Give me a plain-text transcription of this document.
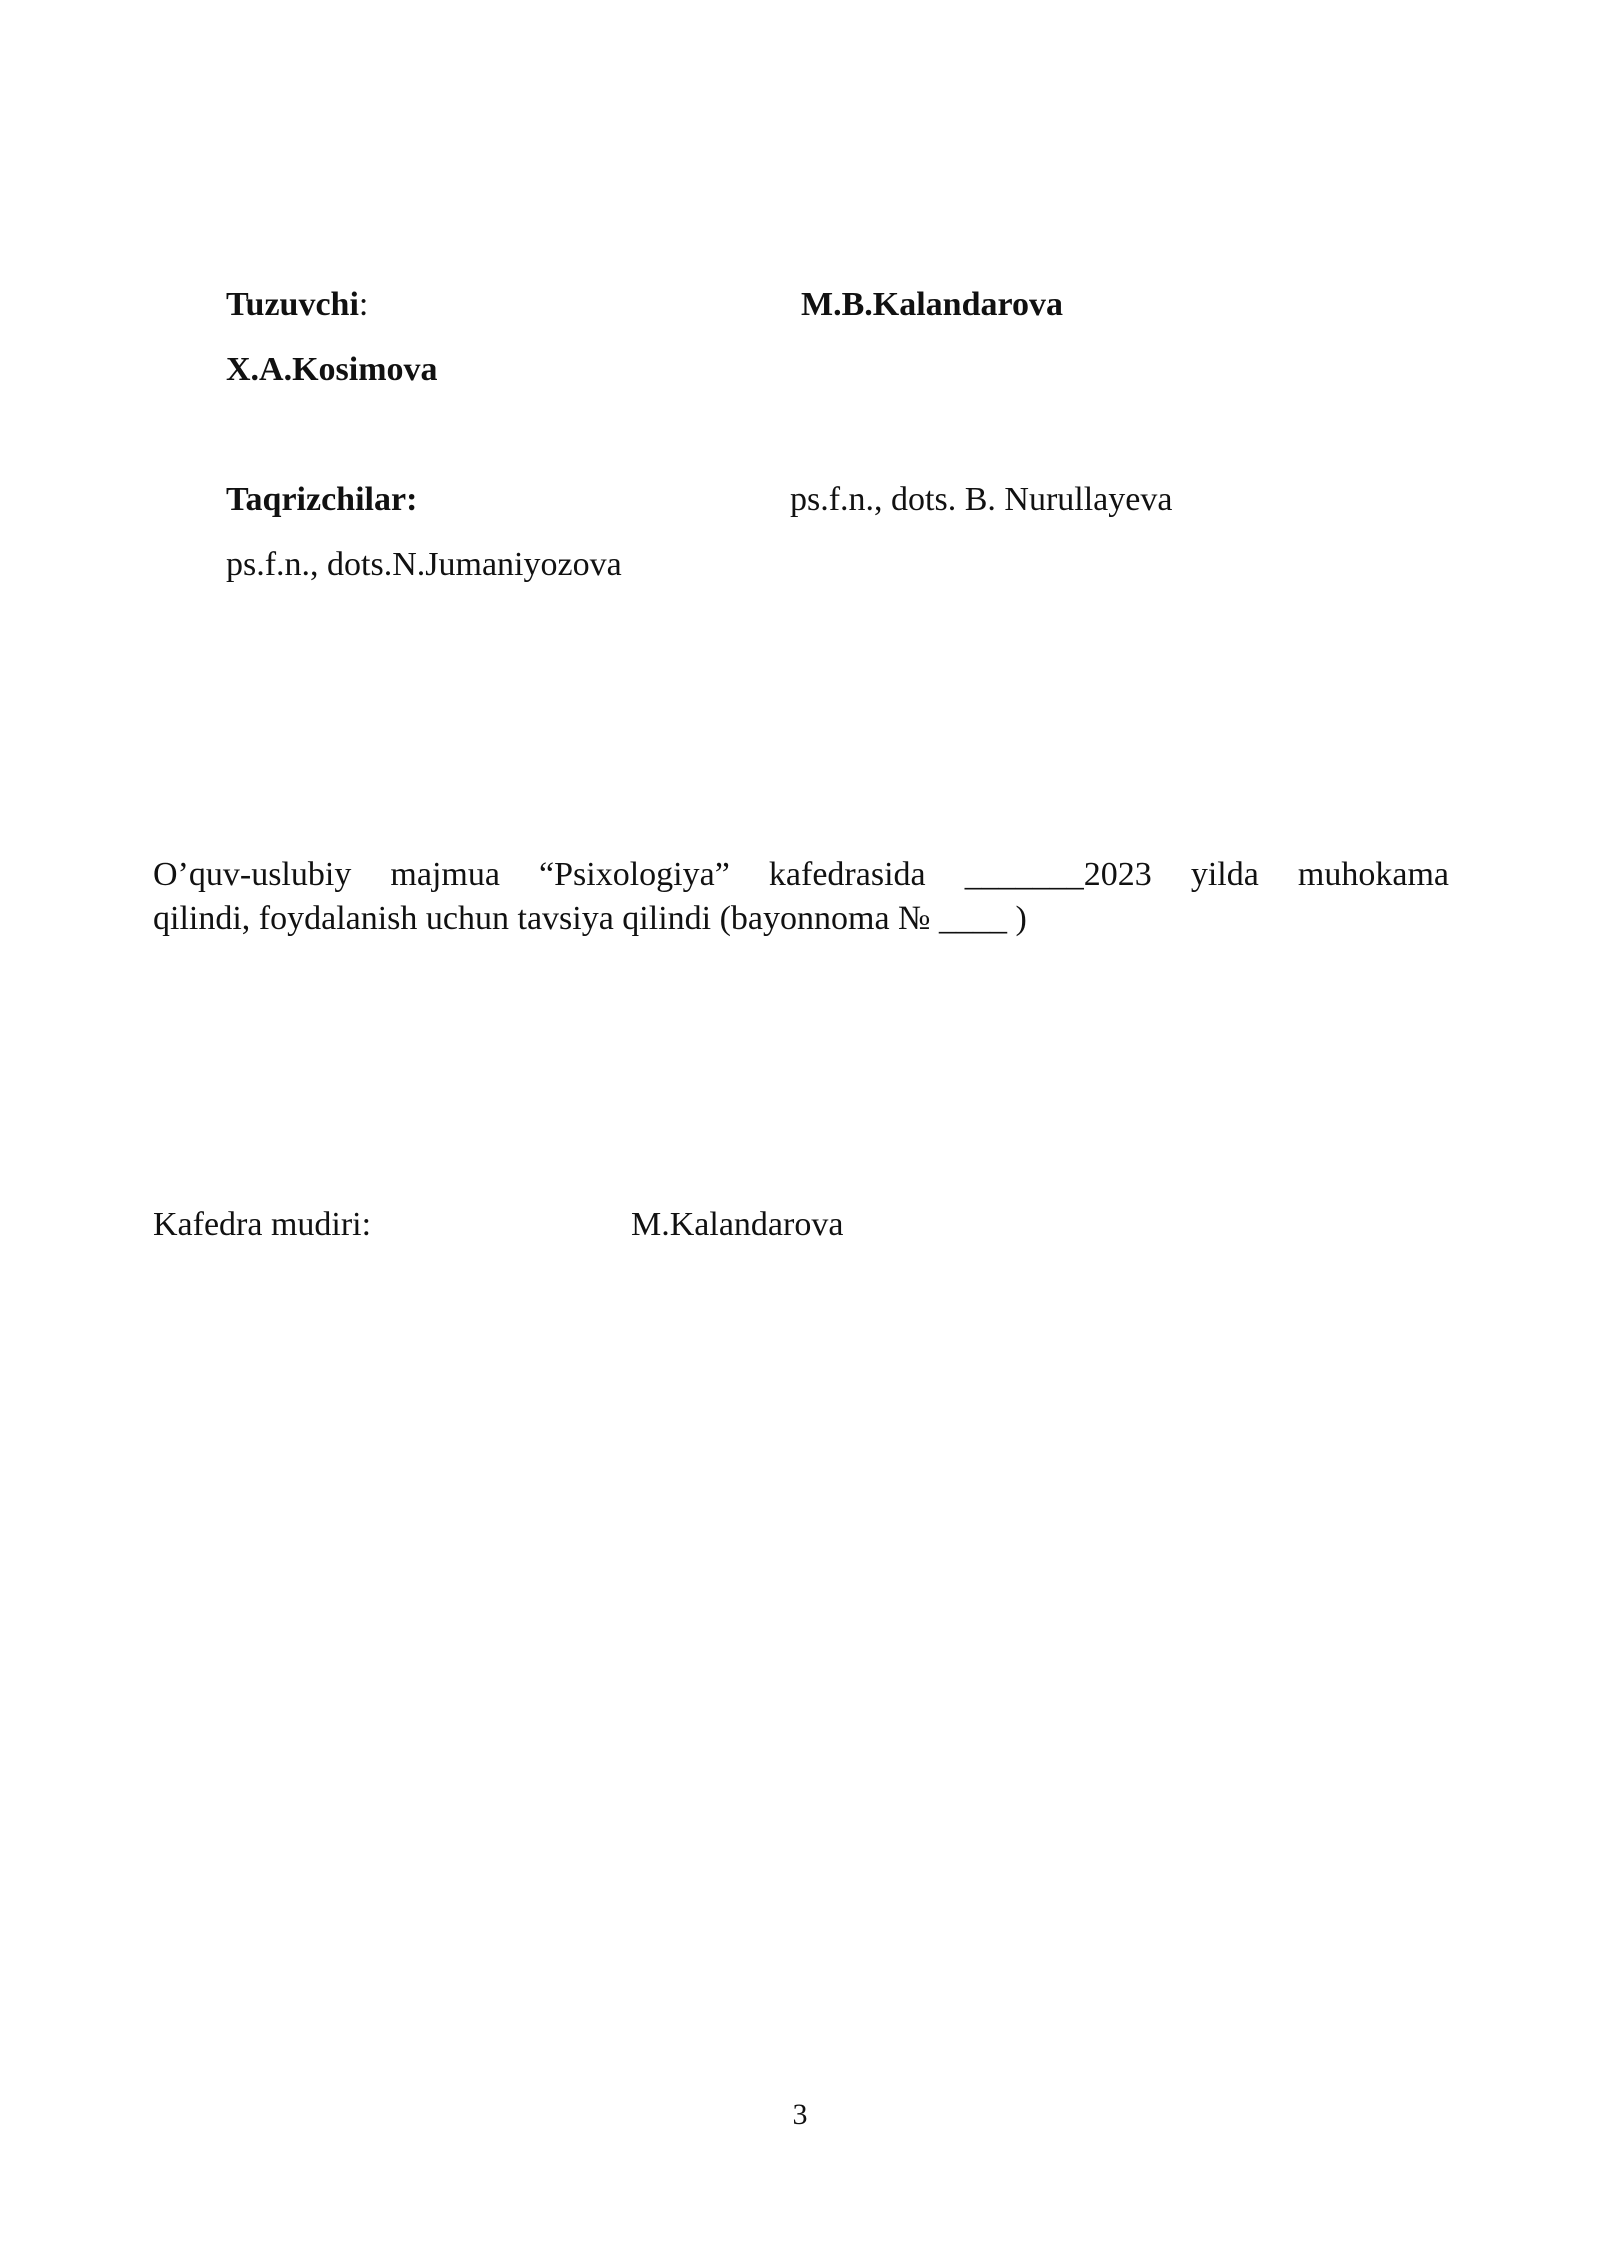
Tuzuvchi:	M.B.Kalandarova
X.A.Kosimova
Taqrizchilar:	ps.f.n., dots. B. Nurullayeva
ps.f.n., dots.N.Jumaniyozova
O’quv-uslubiy majmua “Psixologiya” kafedrasida _______2023 yilda muhokama
qilindi, foydalanish uchun tavsiya qilindi (bayonnoma № ____ )
Kafedra mudiri:	M.Kalandarova
3
